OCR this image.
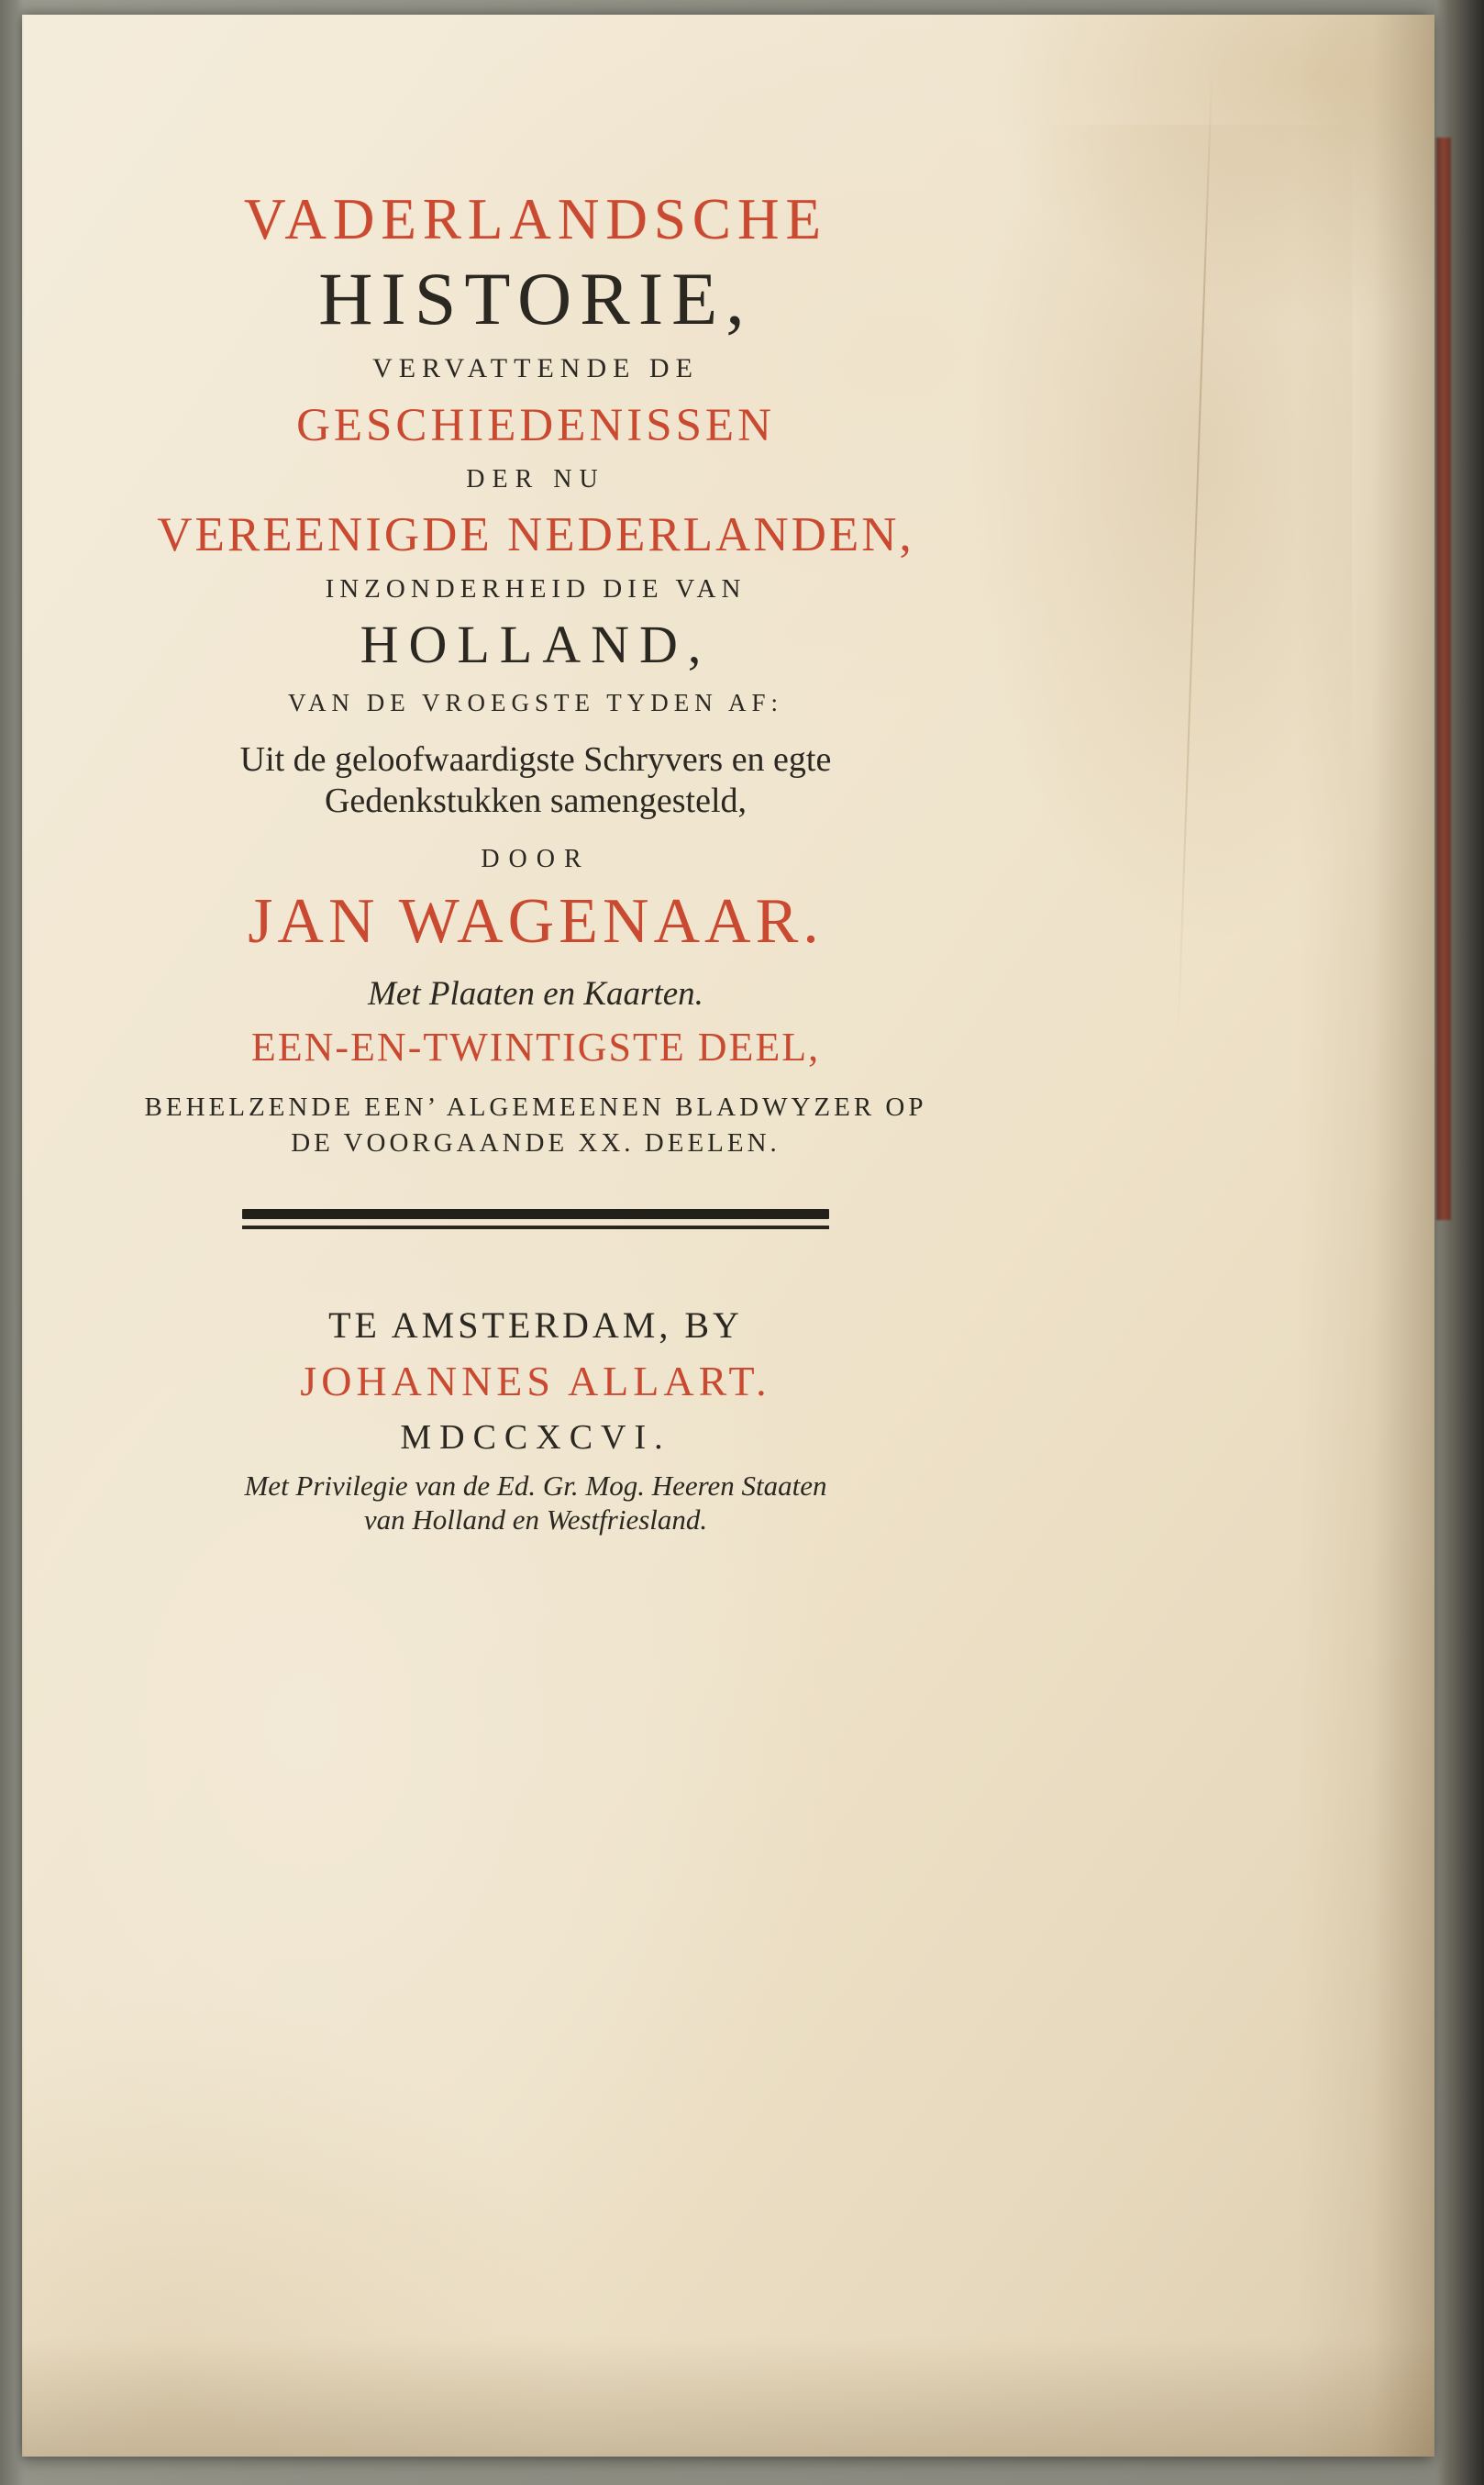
VADERLANDSCHE

HISTORIE,

VERVATTENDE DE

GESCHIEDENISSEN

DER NU

VEREENIGDE NEDERLANDEN,

INZONDERHEID DIE VAN

HOLLAND,

VAN DE VROEGSTE TYDEN AF:

Uit de geloofwaardigste Schryvers en egte

Gedenkstukken samengesteld,

DOOR

JAN WAGENAAR.

Met Plaaten en Kaarten.

EEN-EN-TWINTIGSTE DEEL,

BEHELZENDE EEN’ ALGEMEENEN BLADWYZER OP

DE VOORGAANDE XX. DEELEN.

TE AMSTERDAM, BY

JOHANNES ALLART.

MDCCXCVI.

Met Privilegie van de Ed. Gr. Mog. Heeren Staaten

van Holland en Westfriesland.
